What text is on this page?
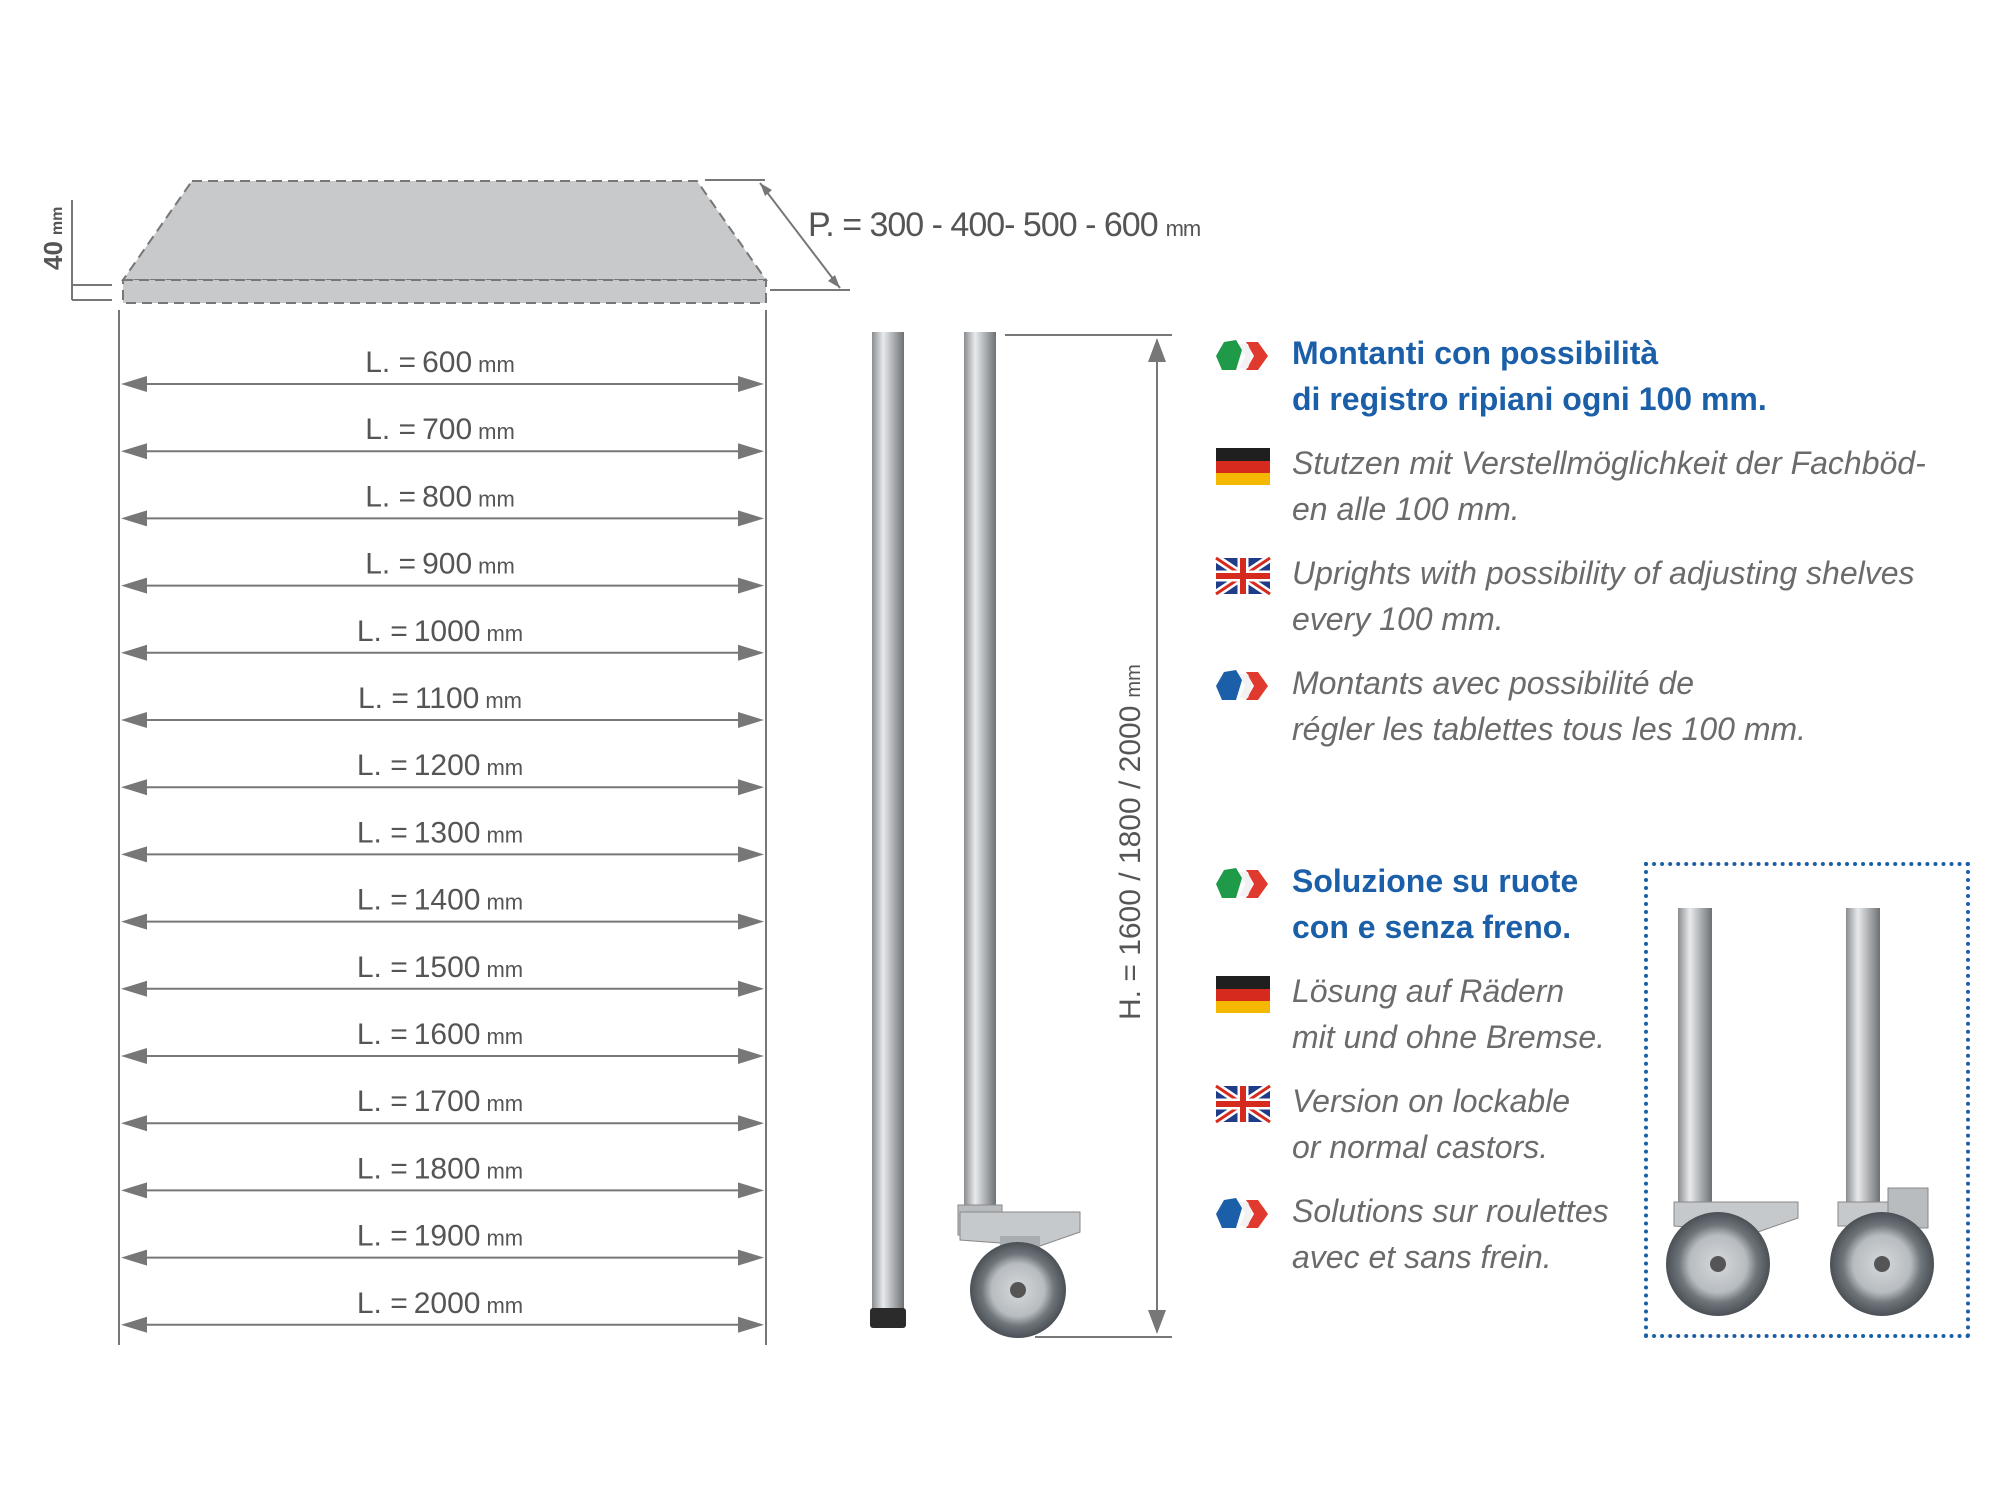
40mm	P. = 300 - 400- 500 - 600 mm
L. = 600 mm
L. = 700 mm
L. = 800 mm
L. = 900 mm
L. = 1000 mm
L. = 1100 mm
L. = 1200 mm
L. = 1300 mm
L. = 1400 mm
L. = 1500 mm
L. = 1600 mm
L. = 1700 mm
L. = 1800 mm
L. = 1900 mm
L. = 2000 mm
H. = 1600 / 1800 / 2000mm
Montanti con possibilità
di registro ripiani ogni 100 mm.
Stutzen mit Verstellmöglichkeit der Fachböd-
en alle 100 mm.
Uprights with possibility of adjusting shelves
every 100 mm.
Montants avec possibilité de
régler les tablettes tous les 100 mm.
Soluzione su ruote
con e senza freno.
Lösung auf Rädern
mit und ohne Bremse.
Version on lockable
or normal castors.
Solutions sur roulettes
avec et sans frein.
